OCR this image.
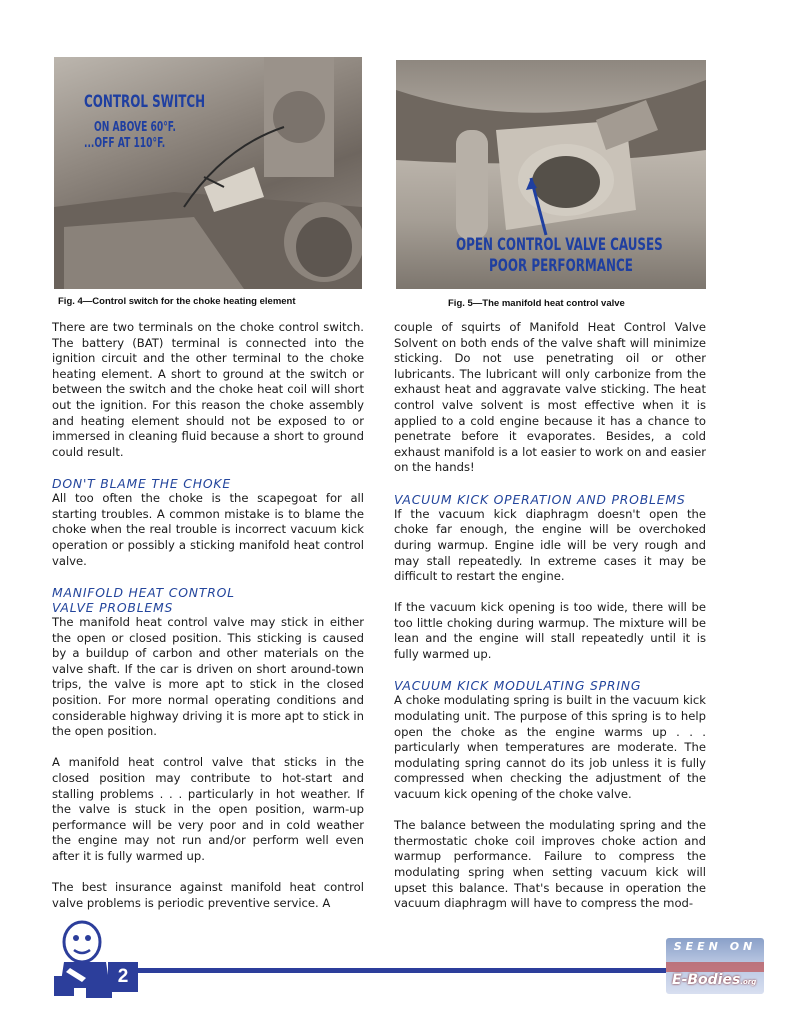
CONTROL SWITCH
ON ABOVE 60°F.
...OFF AT 110°F.
Fig. 4—Control switch for the choke heating element
OPEN CONTROL VALVE CAUSES
POOR PERFORMANCE
Fig. 5—The manifold heat control valve

There are two terminals on the choke control switch. The battery (BAT) terminal is connected into the ignition circuit and the other terminal to the choke heating element. A short to ground at the switch or between the switch and the choke heat coil will short out the ignition. For this reason the choke assembly and heating element should not be exposed to or immersed in cleaning fluid because a short to ground could result.

DON'T BLAME THE CHOKE

All too often the choke is the scapegoat for all starting troubles. A common mistake is to blame the choke when the real trouble is incorrect vacuum kick operation or possibly a sticking manifold heat control valve.

MANIFOLD HEAT CONTROL
VALVE PROBLEMS

The manifold heat control valve may stick in either the open or closed position. This sticking is caused by a buildup of carbon and other materials on the valve shaft. If the car is driven on short around-town trips, the valve is more apt to stick in the closed position. For more normal operating conditions and considerable highway driving it is more apt to stick in the open position.

A manifold heat control valve that sticks in the closed position may contribute to hot-start and stalling problems . . . particularly in hot weather. If the valve is stuck in the open position, warm-up performance will be very poor and in cold weather the engine may not run and/or perform well even after it is fully warmed up.

The best insurance against manifold heat control valve problems is periodic preventive service. A

couple of squirts of Manifold Heat Control Valve Solvent on both ends of the valve shaft will minimize sticking. Do not use penetrating oil or other lubricants. The lubricant will only carbonize from the exhaust heat and aggravate valve sticking. The heat control valve solvent is most effective when it is applied to a cold engine because it has a chance to penetrate before it evaporates. Besides, a cold exhaust manifold is a lot easier to work on and easier on the hands!

VACUUM KICK OPERATION AND PROBLEMS

If the vacuum kick diaphragm doesn't open the choke far enough, the engine will be overchoked during warmup. Engine idle will be very rough and may stall repeatedly. In extreme cases it may be difficult to restart the engine.

If the vacuum kick opening is too wide, there will be too little choking during warmup. The mixture will be lean and the engine will stall repeatedly until it is fully warmed up.

VACUUM KICK MODULATING SPRING

A choke modulating spring is built in the vacuum kick modulating unit. The purpose of this spring is to help open the choke as the engine warms up . . . particularly when temperatures are moderate. The modulating spring cannot do its job unless it is fully compressed when checking the adjustment of the vacuum kick opening of the choke valve.

The balance between the modulating spring and the thermostatic choke coil improves choke action and warmup performance. Failure to compress the modulating spring when setting vacuum kick will upset this balance. That's because in operation the vacuum diaphragm will have to compress the mod-

2
SEEN ON
E-Bodies.org
